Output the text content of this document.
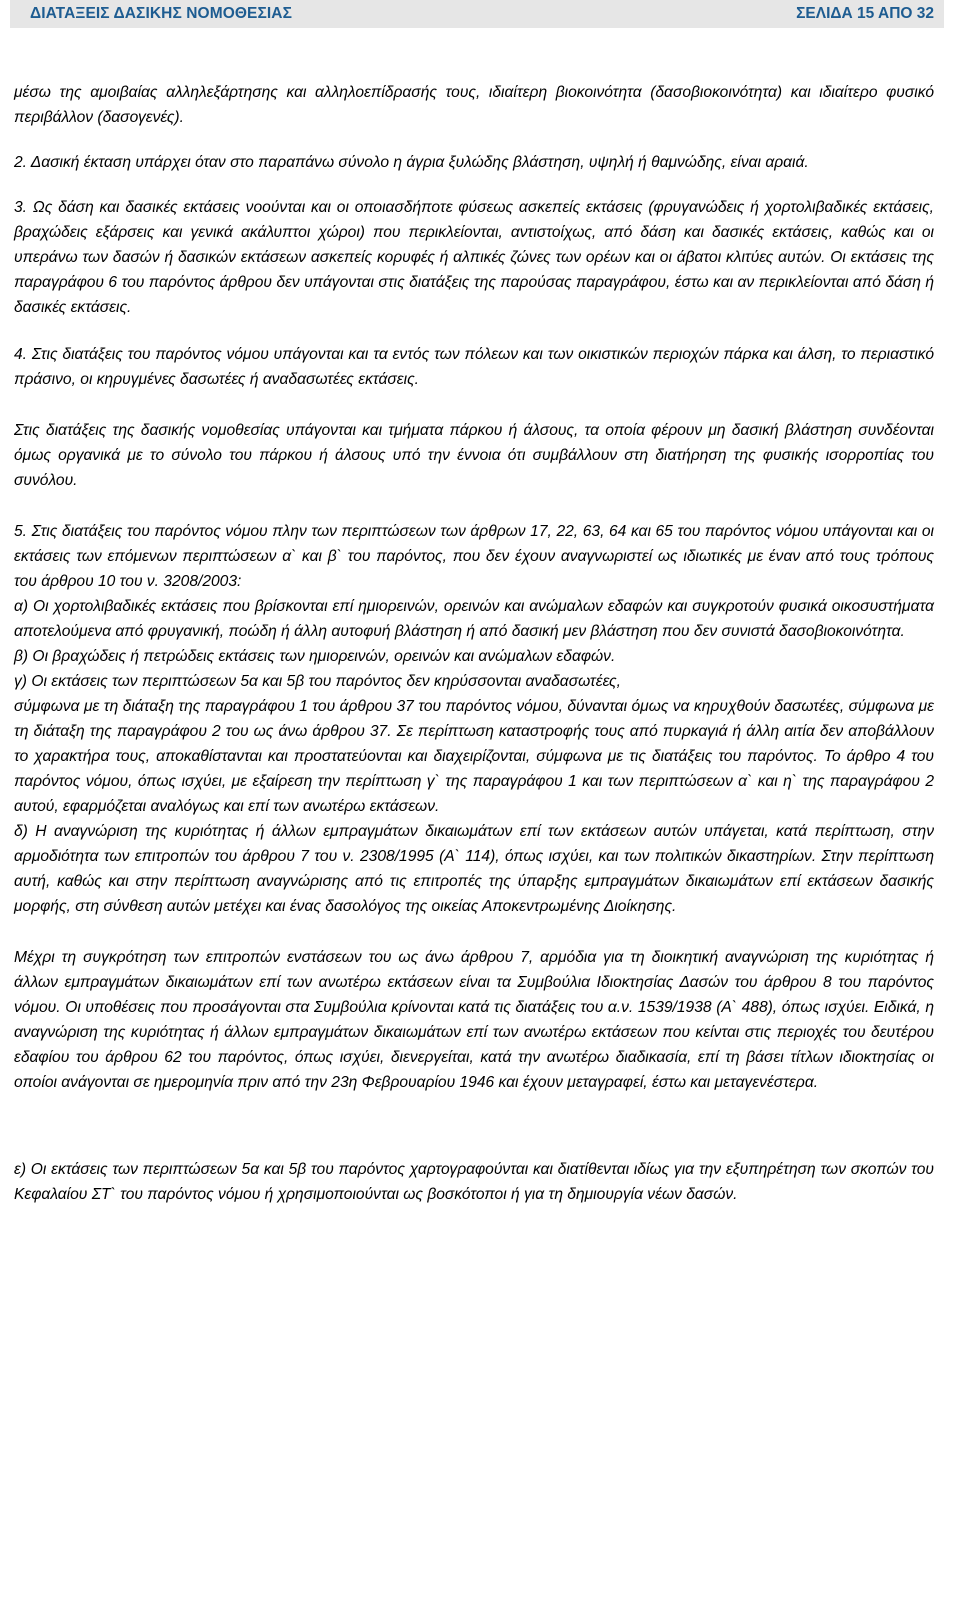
ΔΙΑΤΑΞΕΙΣ ΔΑΣΙΚΗΣ ΝΟΜΟΘΕΣΙΑΣ	ΣΕΛΙΔΑ 15 ΑΠΟ 32

μέσω της αμοιβαίας αλληλεξάρτησης και αλληλοεπίδρασής τους, ιδιαίτερη βιοκοινότητα (δασοβιοκοινότητα) και ιδιαίτερο φυσικό περιβάλλον (δασογενές).

2. Δασική έκταση υπάρχει όταν στο παραπάνω σύνολο η άγρια ξυλώδης βλάστηση, υψηλή ή θαμνώδης, είναι αραιά.

3. Ως δάση και δασικές εκτάσεις νοούνται και οι οποιασδήποτε φύσεως ασκεπείς εκτάσεις (φρυγανώδεις ή χορτολιβαδικές εκτάσεις, βραχώδεις εξάρσεις και γενικά ακάλυπτοι χώροι) που περικλείονται, αντιστοίχως, από δάση και δασικές εκτάσεις, καθώς και οι υπεράνω των δασών ή δασικών εκτάσεων ασκεπείς κορυφές ή αλπικές ζώνες των ορέων και οι άβατοι κλιτύες αυτών. Οι εκτάσεις της παραγράφου 6 του παρόντος άρθρου δεν υπάγονται στις διατάξεις της παρούσας παραγράφου, έστω και αν περικλείονται από δάση ή δασικές εκτάσεις.

4. Στις διατάξεις του παρόντος νόμου υπάγονται και τα εντός των πόλεων και των οικιστικών περιοχών πάρκα και άλση, το περιαστικό πράσινο, οι κηρυγμένες δασωτέες ή αναδασωτέες εκτάσεις.

Στις διατάξεις της δασικής νομοθεσίας υπάγονται και τμήματα πάρκου ή άλσους, τα οποία φέρουν μη δασική βλάστηση συνδέονται όμως οργανικά με το σύνολο του πάρκου ή άλσους υπό την έννοια ότι συμβάλλουν στη διατήρηση της φυσικής ισορροπίας του συνόλου.

5. Στις διατάξεις του παρόντος νόμου πλην των περιπτώσεων των άρθρων 17, 22, 63, 64 και 65 του παρόντος νόμου υπάγονται και οι εκτάσεις των επόμενων περιπτώσεων α` και β` του παρόντος, που δεν έχουν αναγνωριστεί ως ιδιωτικές με έναν από τους τρόπους του άρθρου 10 του ν. 3208/2003:

α) Οι χορτολιβαδικές εκτάσεις που βρίσκονται επί ημιορεινών, ορεινών και ανώμαλων εδαφών και συγκροτούν φυσικά οικοσυστήματα αποτελούμενα από φρυγανική, ποώδη ή άλλη αυτοφυή βλάστηση ή από δασική μεν βλάστηση που δεν συνιστά δασοβιοκοινότητα.

β) Οι βραχώδεις ή πετρώδεις εκτάσεις των ημιορεινών, ορεινών και ανώμαλων εδαφών.

γ) Οι εκτάσεις των περιπτώσεων 5α και 5β του παρόντος δεν κηρύσσονται αναδασωτέες,

σύμφωνα με τη διάταξη της παραγράφου 1 του άρθρου 37 του παρόντος νόμου, δύνανται όμως να κηρυχθούν δασωτέες, σύμφωνα με τη διάταξη της παραγράφου 2 του ως άνω άρθρου 37. Σε περίπτωση καταστροφής τους από πυρκαγιά ή άλλη αιτία δεν αποβάλλουν το χαρακτήρα τους, αποκαθίστανται και προστατεύονται και διαχειρίζονται, σύμφωνα με τις διατάξεις του παρόντος. Το άρθρο 4 του παρόντος νόμου, όπως ισχύει, με εξαίρεση την περίπτωση γ` της παραγράφου 1 και των περιπτώσεων α` και η` της παραγράφου 2 αυτού, εφαρμόζεται αναλόγως και επί των ανωτέρω εκτάσεων.

δ) Η αναγνώριση της κυριότητας ή άλλων εμπραγμάτων δικαιωμάτων επί των εκτάσεων αυτών υπάγεται, κατά περίπτωση, στην αρμοδιότητα των επιτροπών του άρθρου 7 του ν. 2308/1995 (Α` 114), όπως ισχύει, και των πολιτικών δικαστηρίων. Στην περίπτωση αυτή, καθώς και στην περίπτωση αναγνώρισης από τις επιτροπές της ύπαρξης εμπραγμάτων δικαιωμάτων επί εκτάσεων δασικής μορφής, στη σύνθεση αυτών μετέχει και ένας δασολόγος της οικείας Αποκεντρωμένης Διοίκησης.

Μέχρι τη συγκρότηση των επιτροπών ενστάσεων του ως άνω άρθρου 7, αρμόδια για τη διοικητική αναγνώριση της κυριότητας ή άλλων εμπραγμάτων δικαιωμάτων επί των ανωτέρω εκτάσεων είναι τα Συμβούλια Ιδιοκτησίας Δασών του άρθρου 8 του παρόντος νόμου. Οι υποθέσεις που προσάγονται στα Συμβούλια κρίνονται κατά τις διατάξεις του α.ν. 1539/1938 (Α` 488), όπως ισχύει. Ειδικά, η αναγνώριση της κυριότητας ή άλλων εμπραγμάτων δικαιωμάτων επί των ανωτέρω εκτάσεων που κείνται στις περιοχές του δευτέρου εδαφίου του άρθρου 62 του παρόντος, όπως ισχύει, διενεργείται, κατά την ανωτέρω διαδικασία, επί τη βάσει τίτλων ιδιοκτησίας οι οποίοι ανάγονται σε ημερομηνία πριν από την 23η Φεβρουαρίου 1946 και έχουν μεταγραφεί, έστω και μεταγενέστερα.

ε) Οι εκτάσεις των περιπτώσεων 5α και 5β του παρόντος χαρτογραφούνται και διατίθενται ιδίως για την εξυπηρέτηση των σκοπών του Κεφαλαίου ΣΤ` του παρόντος νόμου ή χρησιμοποιούνται ως βοσκότοποι ή για τη δημιουργία νέων δασών.
